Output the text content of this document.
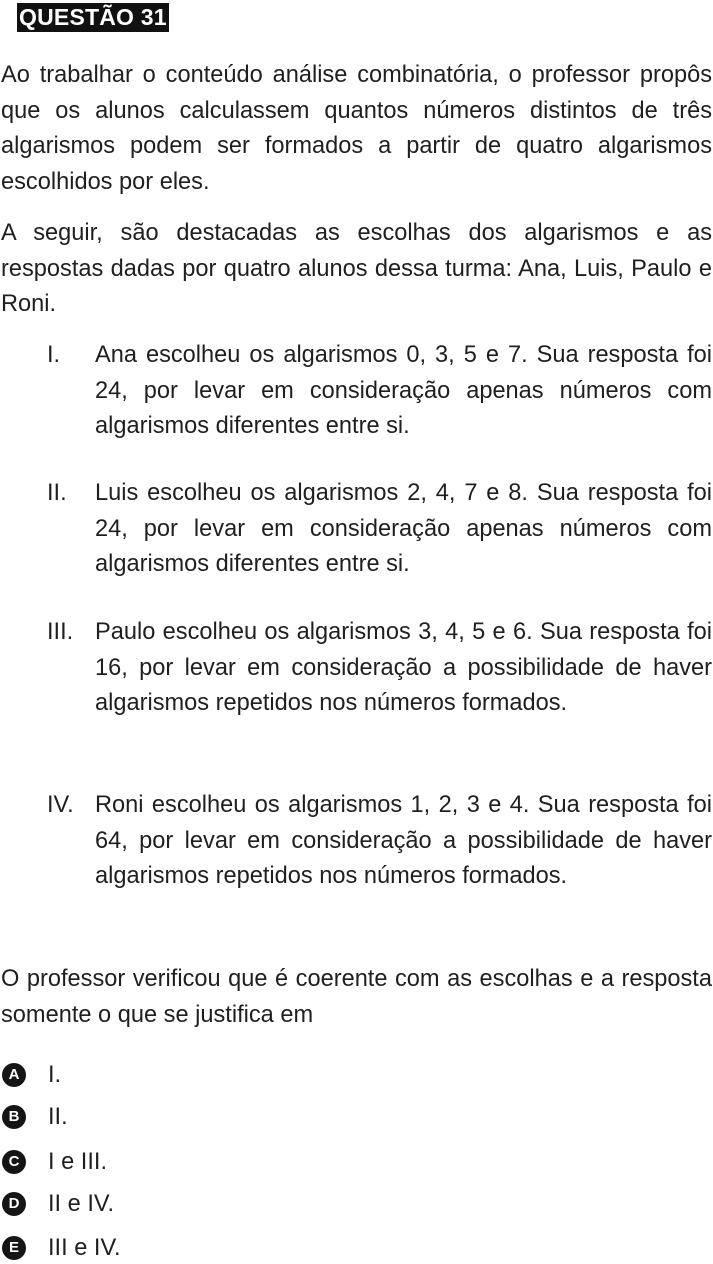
QUESTÃO 31

Ao trabalhar o conteúdo análise combinatória, o professor propôs que os alunos calculassem quantos números distintos de três algarismos podem ser formados a partir de quatro algarismos escolhidos por eles.

A seguir, são destacadas as escolhas dos algarismos e as respostas dadas por quatro alunos dessa turma: Ana, Luis, Paulo e Roni.

I.	Ana escolheu os algarismos 0, 3, 5 e 7. Sua resposta foi 24, por levar em consideração apenas números com algarismos diferentes entre si.
II.	Luis escolheu os algarismos 2, 4, 7 e 8. Sua resposta foi 24, por levar em consideração apenas números com algarismos diferentes entre si.
III. Paulo escolheu os algarismos 3, 4, 5 e 6. Sua resposta foi 16, por levar em consideração a possibilidade de haver algarismos repetidos nos números formados.
IV. Roni escolheu os algarismos 1, 2, 3 e 4. Sua resposta foi 64, por levar em consideração a possibilidade de haver algarismos repetidos nos números formados.

O professor verificou que é coerente com as escolhas e a resposta somente o que se justifica em

A I.
B II.
C I e III.
D II e IV.
E III e IV.
